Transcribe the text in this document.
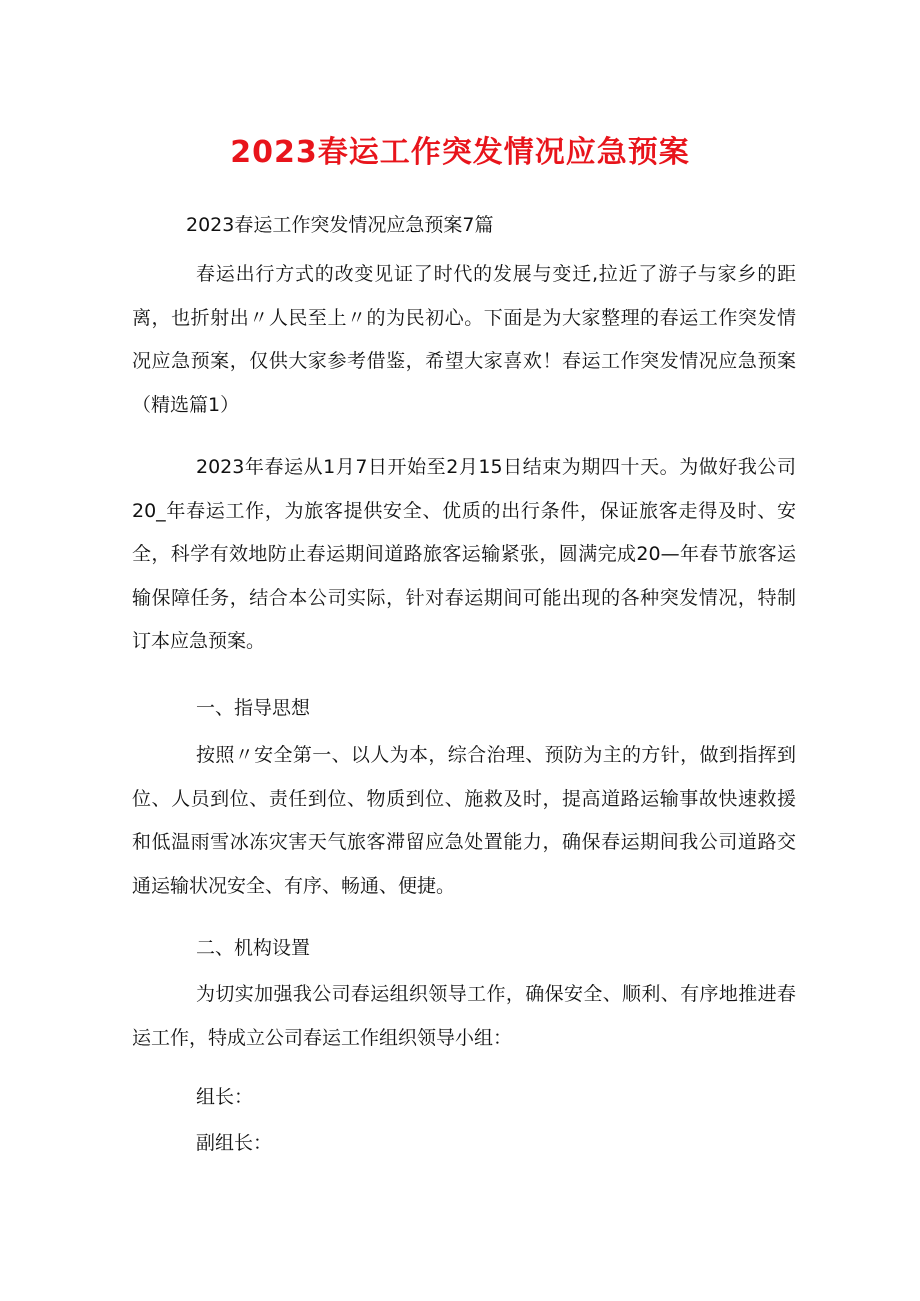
2023春运工作突发情况应急预案
2023春运工作突发情况应急预案7篇

春运出行方式的改变见证了时代的发展与变迁,拉近了游子与家乡的距离，也折射出〃人民至上〃的为民初心。下面是为大家整理的春运工作突发情况应急预案，仅供大家参考借鉴，希望大家喜欢！春运工作突发情况应急预案（精选篇1）

2023年春运从1月7日开始至2月15日结束为期四十天。为做好我公司20_年春运工作，为旅客提供安全、优质的出行条件，保证旅客走得及时、安全，科学有效地防止春运期间道路旅客运输紧张，圆满完成20—年春节旅客运输保障任务，结合本公司实际，针对春运期间可能出现的各种突发情况，特制订本应急预案。

一、指导思想

按照〃安全第一、以人为本，综合治理、预防为主的方针，做到指挥到位、人员到位、责任到位、物质到位、施救及时，提高道路运输事故快速救援和低温雨雪冰冻灾害天气旅客滞留应急处置能力，确保春运期间我公司道路交通运输状况安全、有序、畅通、便捷。

二、机构设置

为切实加强我公司春运组织领导工作，确保安全、顺利、有序地推进春运工作，特成立公司春运工作组织领导小组：

组长：
副组长：
